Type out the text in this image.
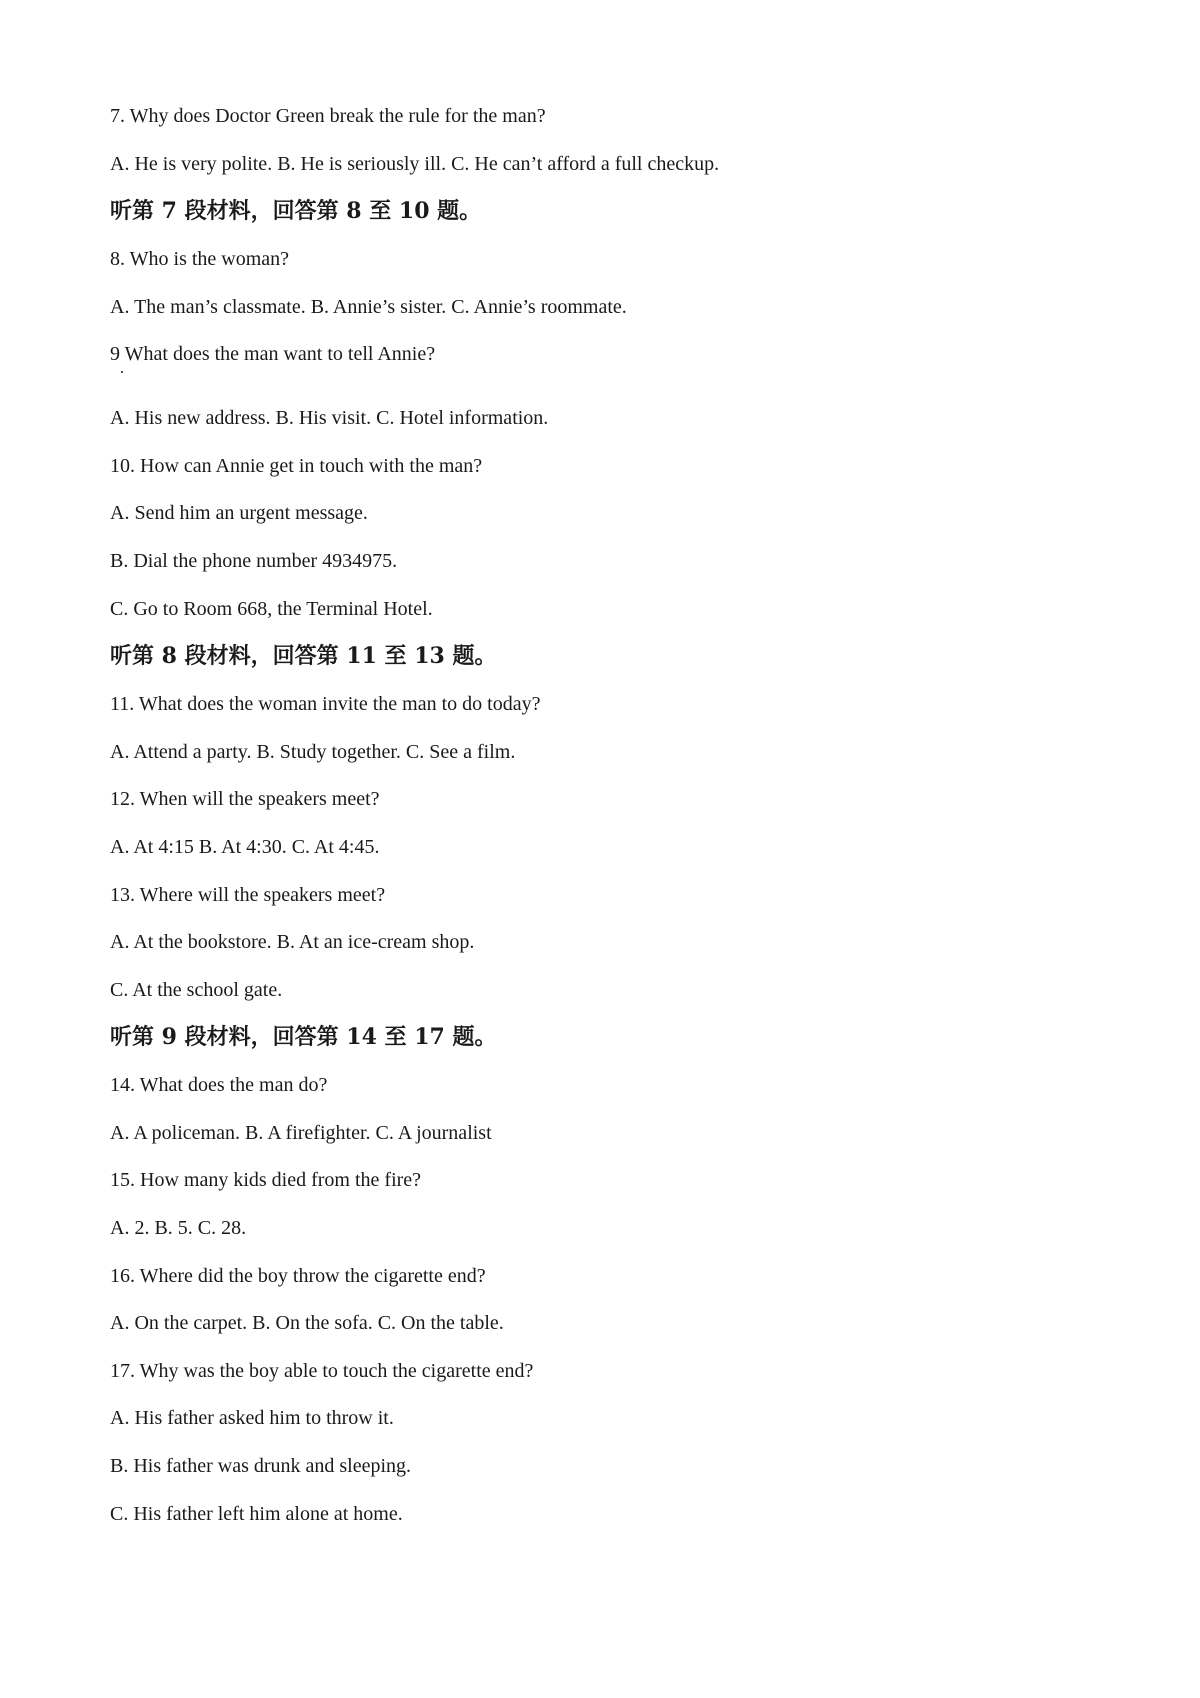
7. Why does Doctor Green break the rule for the man?
A. He is very polite. B. He is seriously ill. C. He can’t afford a full checkup.
听第 7 段材料，回答第 8 至 10 题。
8. Who is the woman?
A. The man’s classmate. B. Annie’s sister. C. Annie’s roommate.
9 What does the man want to tell Annie?
A. His new address. B. His visit. C. Hotel information.
10. How can Annie get in touch with the man?
A. Send him an urgent message.
B. Dial the phone number 4934975.
C. Go to Room 668, the Terminal Hotel.
听第 8 段材料，回答第 11 至 13 题。
11. What does the woman invite the man to do today?
A. Attend a party. B. Study together. C. See a film.
12. When will the speakers meet?
A. At 4:15 B. At 4:30. C. At 4:45.
13. Where will the speakers meet?
A. At the bookstore. B. At an ice-cream shop.
C. At the school gate.
听第 9 段材料，回答第 14 至 17 题。
14. What does the man do?
A. A policeman. B. A firefighter. C. A journalist
15. How many kids died from the fire?
A. 2. B. 5. C. 28.
16. Where did the boy throw the cigarette end?
A. On the carpet. B. On the sofa. C. On the table.
17. Why was the boy able to touch the cigarette end?
A. His father asked him to throw it.
B. His father was drunk and sleeping.
C. His father left him alone at home.
